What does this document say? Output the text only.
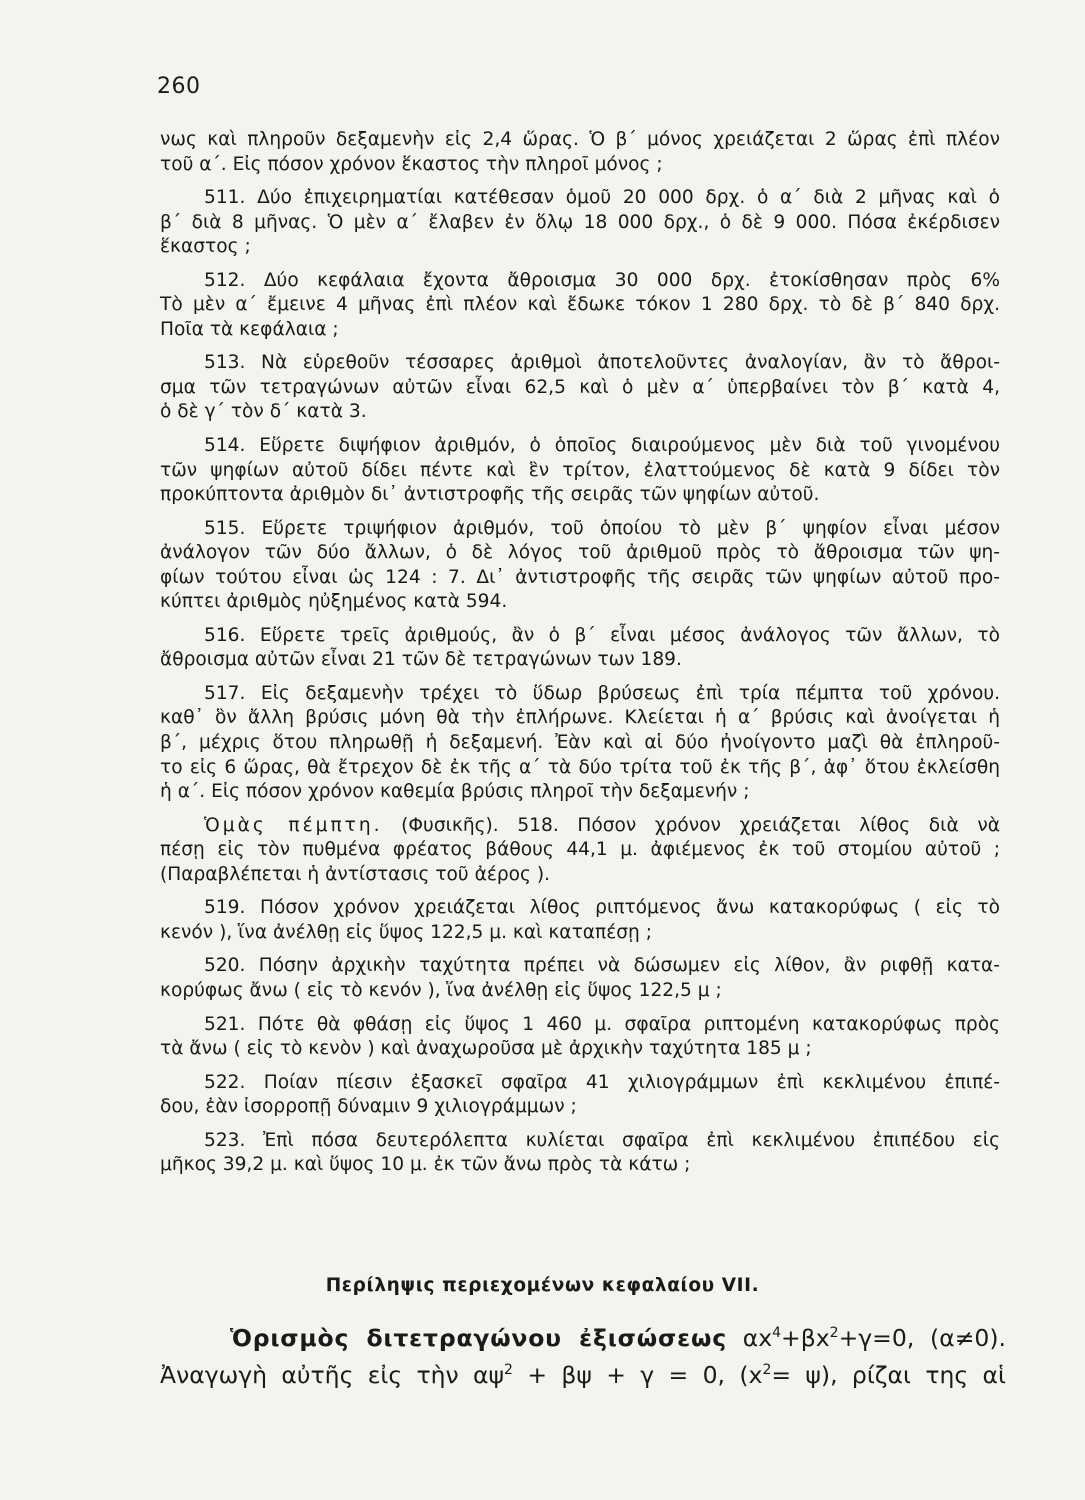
260
νως καὶ πληροῦν δεξαμενὴν εἰς 2,4 ὥρας. Ὁ β΄ μόνος χρειάζεται 2 ὥρας ἐπὶ πλέον
τοῦ α΄. Εἰς πόσον χρόνον ἕκαστος τὴν πληροῖ μόνος ;
511. Δύο ἐπιχειρηματίαι κατέθεσαν ὁμοῦ 20 000 δρχ. ὁ α΄ διὰ 2 μῆνας καὶ ὁ
β΄ διὰ 8 μῆνας. Ὁ μὲν α΄ ἔλαβεν ἐν ὅλῳ 18 000 δρχ., ὁ δὲ 9 000. Πόσα ἐκέρδισεν
ἕκαστος ;
512. Δύο κεφάλαια ἔχοντα ἄθροισμα 30 000 δρχ. ἐτοκίσθησαν πρὸς 6%
Τὸ μὲν α΄ ἔμεινε 4 μῆνας ἐπὶ πλέον καὶ ἔδωκε τόκον 1 280 δρχ. τὸ δὲ β΄ 840 δρχ.
Ποῖα τὰ κεφάλαια ;
513. Νὰ εὑρεθοῦν τέσσαρες ἀριθμοὶ ἀποτελοῦντες ἀναλογίαν, ἂν τὸ ἄθροι-
σμα τῶν τετραγώνων αὐτῶν εἶναι 62,5 καὶ ὁ μὲν α΄ ὑπερβαίνει τὸν β΄ κατὰ 4,
ὁ δὲ γ΄ τὸν δ΄ κατὰ 3.
514. Εὕρετε διψήφιον ἀριθμόν, ὁ ὁποῖος διαιρούμενος μὲν διὰ τοῦ γινομένου
τῶν ψηφίων αὐτοῦ δίδει πέντε καὶ ἓν τρίτον, ἐλαττούμενος δὲ κατὰ 9 δίδει τὸν
προκύπτοντα ἀριθμὸν δι᾽ ἀντιστροφῆς τῆς σειρᾶς τῶν ψηφίων αὐτοῦ.
515. Εὕρετε τριψήφιον ἀριθμόν, τοῦ ὁποίου τὸ μὲν β΄ ψηφίον εἶναι μέσον
ἀνάλογον τῶν δύο ἄλλων, ὁ δὲ λόγος τοῦ ἀριθμοῦ πρὸς τὸ ἄθροισμα τῶν ψη-
φίων τούτου εἶναι ὡς 124 : 7. Δι᾽ ἀντιστροφῆς τῆς σειρᾶς τῶν ψηφίων αὐτοῦ προ-
κύπτει ἀριθμὸς ηὐξημένος κατὰ 594.
516. Εὕρετε τρεῖς ἀριθμούς, ἂν ὁ β΄ εἶναι μέσος ἀνάλογος τῶν ἄλλων, τὸ
ἄθροισμα αὐτῶν εἶναι 21 τῶν δὲ τετραγώνων των 189.
517. Εἰς δεξαμενὴν τρέχει τὸ ὕδωρ βρύσεως ἐπὶ τρία πέμπτα τοῦ χρόνου.
καθ᾽ ὃν ἄλλη βρύσις μόνη θὰ τὴν ἐπλήρωνε. Κλείεται ἡ α΄ βρύσις καὶ ἀνοίγεται ἡ
β΄, μέχρις ὅτου πληρωθῇ ἡ δεξαμενή. Ἐὰν καὶ αἱ δύο ἠνοίγοντο μαζὶ θὰ ἐπληροῦ-
το εἰς 6 ὥρας, θὰ ἔτρεχον δὲ ἐκ τῆς α΄ τὰ δύο τρίτα τοῦ ἐκ τῆς β΄, ἀφ᾽ ὅτου ἐκλείσθη
ἡ α΄. Εἰς πόσον χρόνον καθεμία βρύσις πληροῖ τὴν δεξαμενήν ;
Ὁμὰς πέμπτη. (Φυσικῆς). 518. Πόσον χρόνον χρειάζεται λίθος διὰ νὰ
πέσῃ εἰς τὸν πυθμένα φρέατος βάθους 44,1 μ. ἀφιέμενος ἐκ τοῦ στομίου αὐτοῦ ;
(Παραβλέπεται ἡ ἀντίστασις τοῦ ἀέρος ).
519. Πόσον χρόνον χρειάζεται λίθος ριπτόμενος ἄνω κατακορύφως ( εἰς τὸ
κενόν ), ἵνα ἀνέλθῃ εἰς ὕψος 122,5 μ. καὶ καταπέσῃ ;
520. Πόσην ἀρχικὴν ταχύτητα πρέπει νὰ δώσωμεν εἰς λίθον, ἂν ριφθῇ κατα-
κορύφως ἄνω ( εἰς τὸ κενόν ), ἵνα ἀνέλθῃ εἰς ὕψος 122,5 μ ;
521. Πότε θὰ φθάσῃ εἰς ὕψος 1 460 μ. σφαῖρα ριπτομένη κατακορύφως πρὸς
τὰ ἄνω ( εἰς τὸ κενὸν ) καὶ ἀναχωροῦσα μὲ ἀρχικὴν ταχύτητα 185 μ ;
522. Ποίαν πίεσιν ἐξασκεῖ σφαῖρα 41 χιλιογράμμων ἐπὶ κεκλιμένου ἐπιπέ-
δου, ἐὰν ἰσορροπῇ δύναμιν 9 χιλιογράμμων ;
523. Ἐπὶ πόσα δευτερόλεπτα κυλίεται σφαῖρα ἐπὶ κεκλιμένου ἐπιπέδου εἰς
μῆκος 39,2 μ. καὶ ὕψος 10 μ. ἐκ τῶν ἄνω πρὸς τὰ κάτω ;
Περίληψις περιεχομένων κεφαλαίου VII.
Ὁρισμὸς διτετραγώνου ἐξισώσεως $\alpha x^4+\beta x^2+\gamma=0$, (α≠0).
Ἀναγωγὴ αὐτῆς εἰς τὴν $\alpha\psi^2 + \beta\psi + \gamma = 0$, $(x^2= \psi)$, ρίζαι της αἱ
